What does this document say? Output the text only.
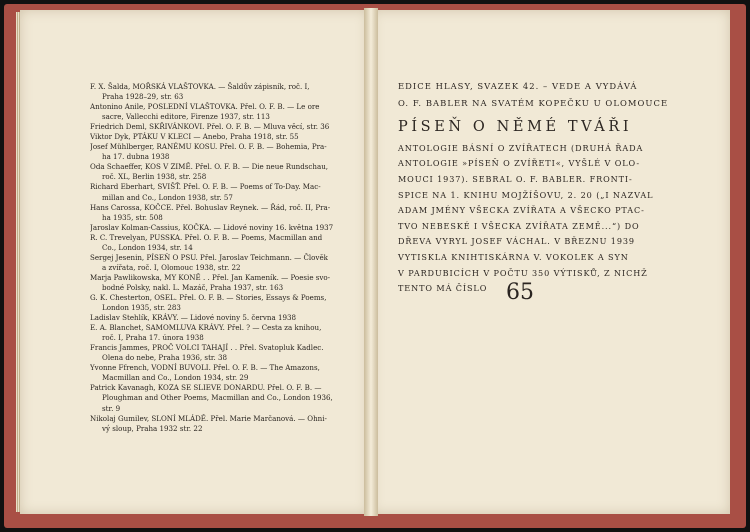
F. X. Šalda, MOŘSKÁ VLAŠTOVKA. — Šaldův zápisník, roč. I,
Praha 1928–29, str. 63
Antonino Anile, POSLEDNÍ VLAŠTOVKA. Přel. O. F. B. — Le ore
sacre, Vallecchi editore, Firenze 1937, str. 113
Friedrich Deml, SKŘIVÁNKOVI. Přel. O. F. B. — Mluva věcí, str. 36
Viktor Dyk, PTÁKU V KLECI — Anebo, Praha 1918, str. 55
Josef Mühlberger, RANÉMU KOSU. Přel. O. F. B. — Bohemia, Pra-
ha 17. dubna 1938
Oda Schaeffer, KOS V ZIMĚ. Přel. O. F. B. — Die neue Rundschau,
roč. XL, Berlin 1938, str. 258
Richard Eberhart, SVIŠŤ. Přel. O. F. B. — Poems of To-Day. Mac-
millan and Co., London 1938, str. 57
Hans Carossa, KOČCE. Přel. Bohuslav Reynek. — Řád, roč. II, Pra-
ha 1935, str. 508
Jaroslav Kolman-Cassius, KOČKA. — Lidové noviny 16. května 1937
R. C. Trevelyan, PUSSKA. Přel. O. F. B. — Poems, Macmillan and
Co., London 1934, str. 14
Sergej Jesenin, PÍSEŇ O PSU. Přel. Jaroslav Teichmann. — Člověk
a zvířata, roč. I, Olomouc 1938, str. 22
Marja Pawlikowska, MY KONĚ . . Přel. Jan Kameník. — Poesie svo-
bodné Polsky, nakl. L. Mazáč, Praha 1937, str. 163
G. K. Chesterton, OSEL. Přel. O. F. B. — Stories, Essays & Poems,
London 1935, str. 283
Ladislav Stehlík, KRÁVY. — Lidové noviny 5. června 1938
E. A. Blanchet, SAMOMLUVA KRÁVY. Přel. ? — Cesta za knihou,
roč. I, Praha 17. února 1938
Francis Jammes, PROČ VOLCI TAHAJÍ . . Přel. Svatopluk Kadlec.
Olena do nebe, Praha 1936, str. 38
Yvonne Ffrench, VODNÍ BUVOLI. Přel. O. F. B. — The Amazons,
Macmillan and Co., London 1934, str. 29
Patrick Kavanagh, KOZA SE SLIEVE DONARDU. Přel. O. F. B. —
Ploughman and Other Poems, Macmillan and Co., London 1936,
str. 9
Nikolaj Gumilev, SLONÍ MLÁDĚ. Přel. Marie Marčanová. — Ohni-
vý sloup, Praha 1932 str. 22
EDICE HLASY, SVAZEK 42. – VEDE A VYDÁVÁ
O. F. BABLER NA SVATÉM KOPEČKU U OLOMOUCE
PÍSEŇ O NĚMÉ TVÁŘI
ANTOLOGIE BÁSNÍ O ZVÍŘATECH (DRUHÁ ŘADA
ANTOLOGIE »PÍSEŇ O ZVÍŘETI«, VYŠLÉ V OLO-
MOUCI 1937). SEBRAL O. F. BABLER. FRONTI-
SPICE NA 1. KNIHU MOJŽÍŠOVU, 2. 20 („I NAZVAL
ADAM JMÉNY VŠECKA ZVÍŘATA A VŠECKO PTAC-
TVO NEBESKÉ I VŠECKA ZVÍŘATA ZEMĚ...“) DO
DŘEVA VYRYL JOSEF VÁCHAL. V BŘEZNU 1939
VYTISKLA KNIHTISKÁRNA V. VOKOLEK A SYN
V PARDUBICÍCH V POČTU 350 VÝTISKŮ, Z NICHŽ
TENTO MÁ ČÍSLO 65
